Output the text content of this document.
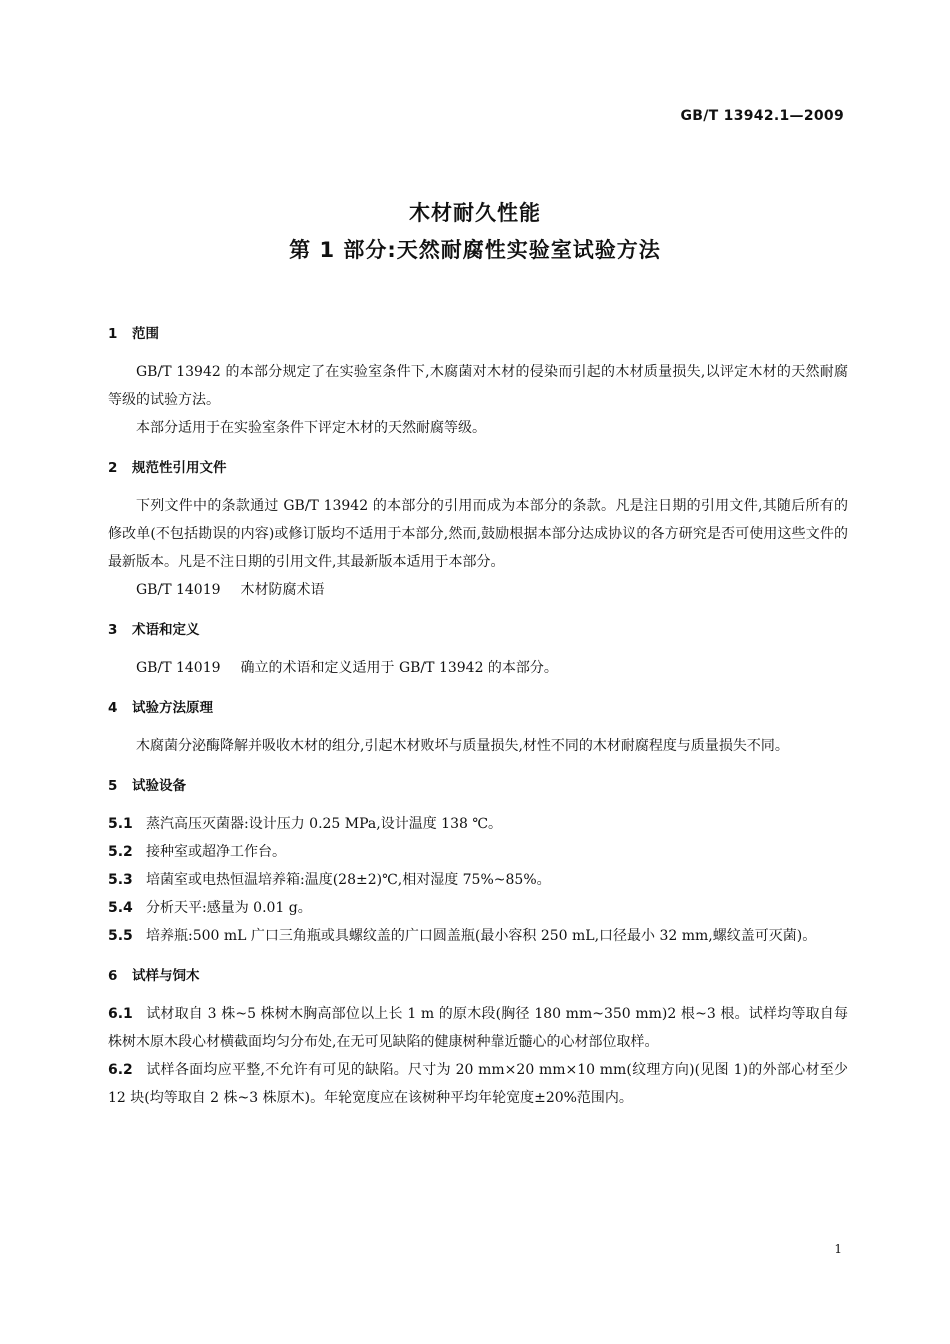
GB/T 13942.1—2009
木材耐久性能
第 1 部分:天然耐腐性实验室试验方法
1 范围

GB/T 13942 的本部分规定了在实验室条件下,木腐菌对木材的侵染而引起的木材质量损失,以评定木材的天然耐腐等级的试验方法。

本部分适用于在实验室条件下评定木材的天然耐腐等级。

2 规范性引用文件

下列文件中的条款通过 GB/T 13942 的本部分的引用而成为本部分的条款。凡是注日期的引用文件,其随后所有的修改单(不包括勘误的内容)或修订版均不适用于本部分,然而,鼓励根据本部分达成协议的各方研究是否可使用这些文件的最新版本。凡是不注日期的引用文件,其最新版本适用于本部分。

GB/T 14019 木材防腐术语

3 术语和定义

GB/T 14019 确立的术语和定义适用于 GB/T 13942 的本部分。

4 试验方法原理

木腐菌分泌酶降解并吸收木材的组分,引起木材败坏与质量损失,材性不同的木材耐腐程度与质量损失不同。

5 试验设备

5.1 蒸汽高压灭菌器:设计压力 0.25 MPa,设计温度 138 ℃。

5.2 接种室或超净工作台。

5.3 培菌室或电热恒温培养箱:温度(28±2)℃,相对湿度 75%~85%。

5.4 分析天平:感量为 0.01 g。

5.5 培养瓶:500 mL 广口三角瓶或具螺纹盖的广口圆盖瓶(最小容积 250 mL,口径最小 32 mm,螺纹盖可灭菌)。

6 试样与饲木

6.1 试材取自 3 株~5 株树木胸高部位以上长 1 m 的原木段(胸径 180 mm~350 mm)2 根~3 根。试样均等取自每株树木原木段心材横截面均匀分布处,在无可见缺陷的健康树种靠近髓心的心材部位取样。

6.2 试样各面均应平整,不允许有可见的缺陷。尺寸为 20 mm×20 mm×10 mm(纹理方向)(见图 1)的外部心材至少 12 块(均等取自 2 株~3 株原木)。年轮宽度应在该树种平均年轮宽度±20%范围内。

1
